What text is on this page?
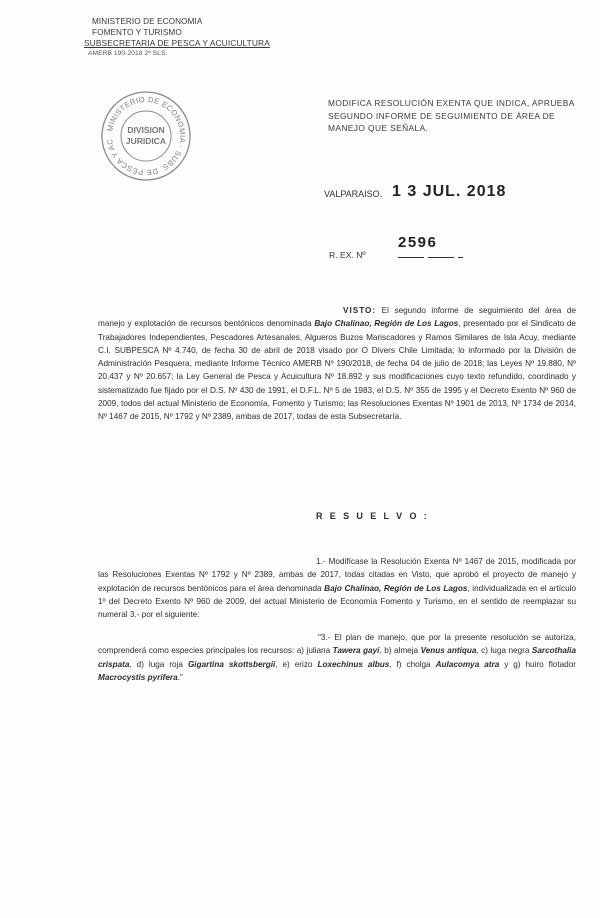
MINISTERIO DE ECONOMIA
FOMENTO Y TURISMO
SUBSECRETARIA DE PESCA Y ACUICULTURA
AMERB 190-2018 2º SLS.
MINISTERIO DE ECONOMIA · SUBS. DE PESCA Y AC
DIVISION
JURIDICA
MODIFICA RESOLUCIÓN EXENTA QUE INDICA, APRUEBA SEGUNDO INFORME DE SEGUIMIENTO DE ÁREA DE MANEJO QUE SEÑALA.
VALPARAISO, 1 3 JUL. 2018
R. EX. Nº
2596
VISTO: El segundo informe de seguimiento del área de manejo y explotación de recursos bentónicos denominada Bajo Chalinao, Región de Los Lagos, presentado por el Sindicato de Trabajadores Independientes, Pescadores Artesanales, Algueros Buzos Mariscadores y Ramos Similares de Isla Acuy, mediante C.I. SUBPESCA Nº 4.740, de fecha 30 de abril de 2018 visado por O Divers Chile Limitada; lo informado por la División de Administración Pesquera, mediante Informe Técnico AMERB Nº 190/2018, de fecha 04 de julio de 2018; las Leyes Nº 19.880, Nº 20.437 y Nº 20.657; la Ley General de Pesca y Acuicultura Nº 18.892 y sus modificaciones cuyo texto refundido, coordinado y sistematizado fue fijado por el D.S. Nº 430 de 1991, el D.F.L. Nº 5 de 1983, el D.S. Nº 355 de 1995 y el Decreto Exento Nº 960 de 2009, todos del actual Ministerio de Economía, Fomento y Turismo; las Resoluciones Exentas Nº 1901 de 2013, Nº 1734 de 2014, Nº 1467 de 2015, Nº 1792 y Nº 2389, ambas de 2017, todas de esta Subsecretaría.
R E S U E L V O :
1.- Modifícase la Resolución Exenta Nº 1467 de 2015, modificada por las Resoluciones Exentas Nº 1792 y Nº 2389, ambas de 2017, todas citadas en Visto, que aprobó el proyecto de manejo y explotación de recursos bentónicos para el área denominada Bajo Chalinao, Región de Los Lagos, individualizada en el artículo 1º del Decreto Exento Nº 960 de 2009, del actual Ministerio de Economía Fomento y Turismo, en el sentido de reemplazar su numeral 3.- por el siguiente:
"3.- El plan de manejo, que por la presente resolución se autoriza, comprenderá como especies principales los recursos: a) juliana Tawera gayi, b) almeja Venus antiqua, c) luga negra Sarcothalia crispata, d) luga roja Gigartina skottsbergii, e) erizo Loxechinus albus, f) cholga Aulacomya atra y g) huiro flotador Macrocystis pyrifera."
